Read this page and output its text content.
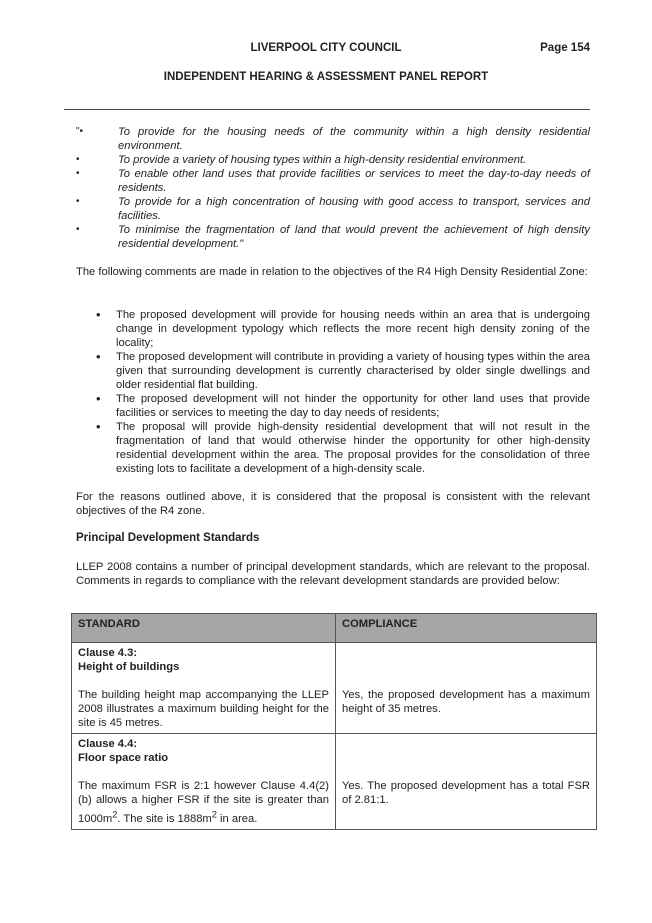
LIVERPOOL CITY COUNCIL	Page 154
INDEPENDENT HEARING & ASSESSMENT PANEL REPORT
"•	To provide for the housing needs of the community within a high density residential environment.
•	To provide a variety of housing types within a high-density residential environment.
•	To enable other land uses that provide facilities or services to meet the day-to-day needs of residents.
•	To provide for a high concentration of housing with good access to transport, services and facilities.
•	To minimise the fragmentation of land that would prevent the achievement of high density residential development."

The following comments are made in relation to the objectives of the R4 High Density Residential Zone:

• The proposed development will provide for housing needs within an area that is undergoing change in development typology which reflects the more recent high density zoning of the locality;
• The proposed development will contribute in providing a variety of housing types within the area given that surrounding development is currently characterised by older single dwellings and older residential flat building.
• The proposed development will not hinder the opportunity for other land uses that provide facilities or services to meeting the day to day needs of residents;
• The proposal will provide high-density residential development that will not result in the fragmentation of land that would otherwise hinder the opportunity for other high-density residential development within the area. The proposal provides for the consolidation of three existing lots to facilitate a development of a high-density scale.

For the reasons outlined above, it is considered that the proposal is consistent with the relevant objectives of the R4 zone.

Principal Development Standards

LLEP 2008 contains a number of principal development standards, which are relevant to the proposal. Comments in regards to compliance with the relevant development standards are provided below:

STANDARD	COMPLIANCE

Clause 4.3:
Height of buildings
The building height map accompanying the LLEP 2008 illustrates a maximum building height for the site is 45 metres.	Yes, the proposed development has a maximum height of 35 metres.

Clause 4.4:
Floor space ratio
The maximum FSR is 2:1 however Clause 4.4(2)(b) allows a higher FSR if the site is greater than $1000m^2$. The site is $1888m^2$ in area.	Yes. The proposed development has a total FSR of 2.81:1.
